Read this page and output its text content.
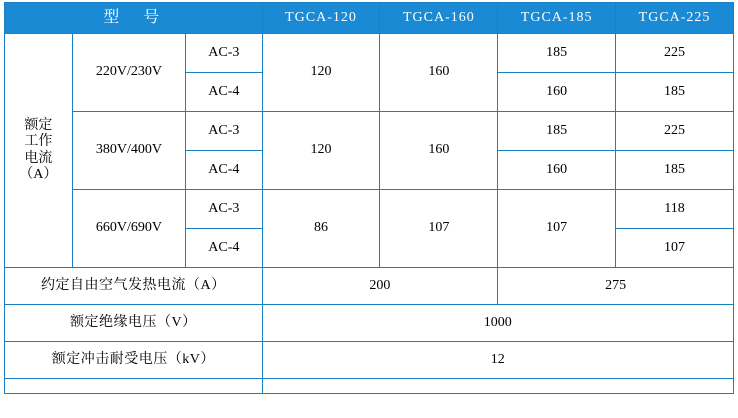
型　号			TGCA-120	TGCA-160	TGCA-185	TGCA-225

额定
工作
电流
（A）	220V/230V	AC-3	120	160	185	225
		AC-4			160	185
	380V/400V	AC-3	120	160	185	225
		AC-4			160	185
	660V/690V	AC-3	86	107	107	118
		AC-4				107
约定自由空气发热电流（A）			200		275	
额定绝缘电压（V）			1000			
额定冲击耐受电压（kV）			12			
